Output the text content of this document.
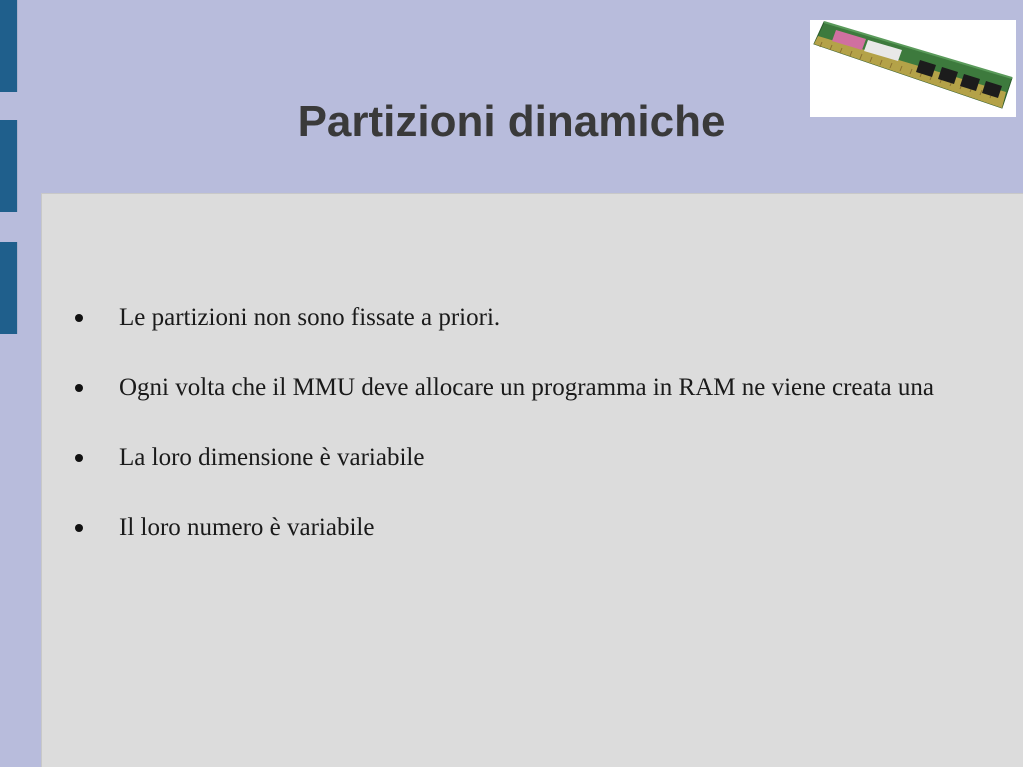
Partizioni dinamiche
Le partizioni non sono fissate a priori.
Ogni volta che il MMU deve allocare un programma in RAM ne viene creata una
La loro dimensione è variabile
Il loro numero è variabile
